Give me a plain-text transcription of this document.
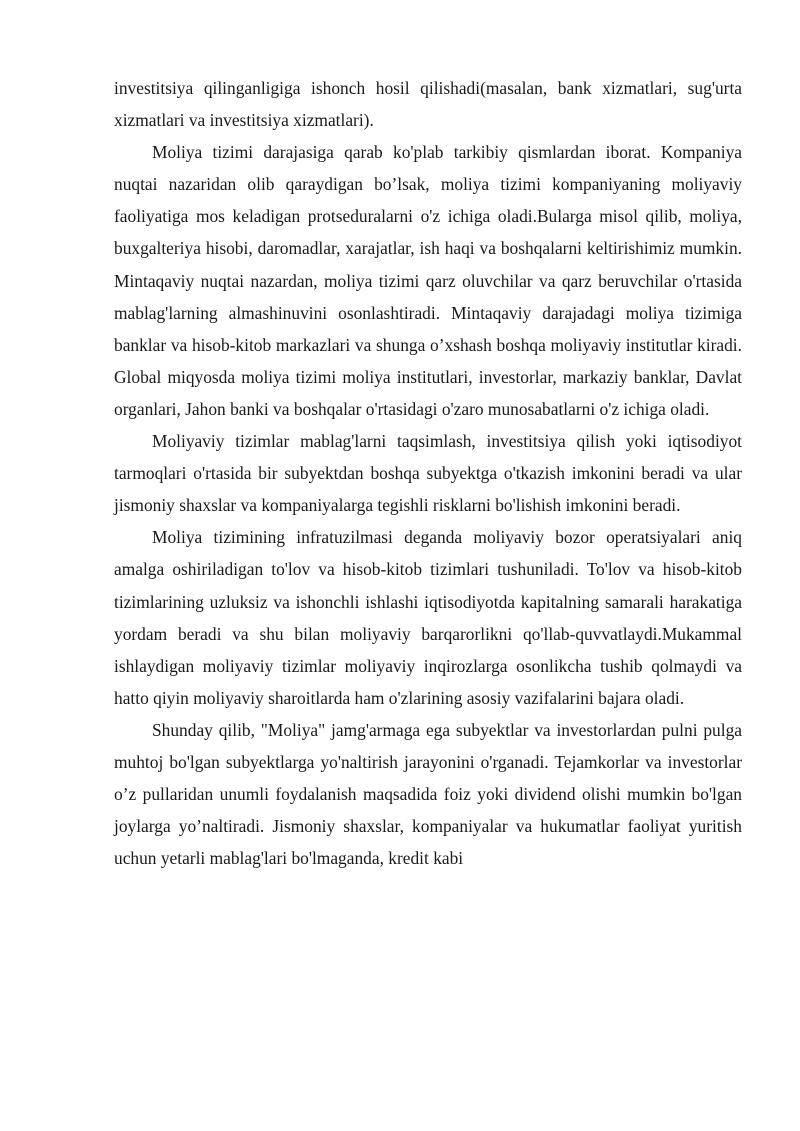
investitsiya qilinganligiga ishonch hosil qilishadi(masalan, bank xizmatlari, sug'urta xizmatlari va investitsiya xizmatlari).

Moliya tizimi darajasiga qarab ko'plab tarkibiy qismlardan iborat. Kompaniya nuqtai nazaridan olib qaraydigan bo’lsak, moliya tizimi kompaniyaning moliyaviy faoliyatiga mos keladigan protseduralarni o'z ichiga oladi.Bularga misol qilib, moliya, buxgalteriya hisobi, daromadlar, xarajatlar, ish haqi va boshqalarni keltirishimiz mumkin. Mintaqaviy nuqtai nazardan, moliya tizimi qarz oluvchilar va qarz beruvchilar o'rtasida mablag'larning almashinuvini osonlashtiradi. Mintaqaviy darajadagi moliya tizimiga banklar va hisob-kitob markazlari va shunga o’xshash boshqa moliyaviy institutlar kiradi. Global miqyosda moliya tizimi moliya institutlari, investorlar, markaziy banklar, Davlat organlari, Jahon banki va boshqalar o'rtasidagi o'zaro munosabatlarni o'z ichiga oladi.

Moliyaviy tizimlar mablag'larni taqsimlash, investitsiya qilish yoki iqtisodiyot tarmoqlari o'rtasida bir subyektdan boshqa subyektga o'tkazish imkonini beradi va ular jismoniy shaxslar va kompaniyalarga tegishli risklarni bo'lishish imkonini beradi.

Moliya tizimining infratuzilmasi deganda moliyaviy bozor operatsiyalari aniq amalga oshiriladigan to'lov va hisob-kitob tizimlari tushuniladi. To'lov va hisob-kitob tizimlarining uzluksiz va ishonchli ishlashi iqtisodiyotda kapitalning samarali harakatiga yordam beradi va shu bilan moliyaviy barqarorlikni qo'llab-quvvatlaydi.Mukammal ishlaydigan moliyaviy tizimlar moliyaviy inqirozlarga osonlikcha tushib qolmaydi va hatto qiyin moliyaviy sharoitlarda ham o'zlarining asosiy vazifalarini bajara oladi.

Shunday qilib, "Moliya" jamg'armaga ega subyektlar va investorlardan pulni pulga muhtoj bo'lgan subyektlarga yo'naltirish jarayonini o'rganadi. Tejamkorlar va investorlar o’z pullaridan unumli foydalanish maqsadida foiz yoki dividend olishi mumkin bo'lgan joylarga yo’naltiradi. Jismoniy shaxslar, kompaniyalar va hukumatlar faoliyat yuritish uchun yetarli mablag'lari bo'lmaganda, kredit kabi
